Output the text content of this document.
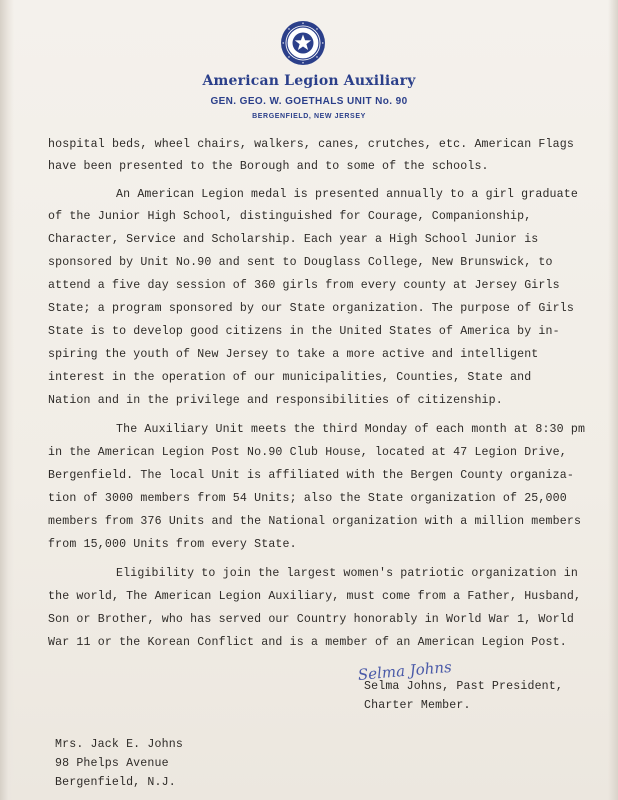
American Legion Auxiliary
GEN. GEO. W. GOETHALS UNIT No. 90
BERGENFIELD, NEW JERSEY
hospital beds, wheel chairs, walkers, canes, crutches, etc. American Flags
have been presented to the Borough and to some of the schools.
An American Legion medal is presented annually to a girl graduate
of the Junior High School, distinguished for Courage, Companionship,
Character, Service and Scholarship. Each year a High School Junior is
sponsored by Unit No.90 and sent to Douglass College, New Brunswick, to
attend a five day session of 360 girls from every county at Jersey Girls
State; a program sponsored by our State organization. The purpose of Girls
State is to develop good citizens in the United States of America by in-
spiring the youth of New Jersey to take a more active and intelligent
interest in the operation of our municipalities, Counties, State and
Nation and in the privilege and responsibilities of citizenship.
The Auxiliary Unit meets the third Monday of each month at 8:30 pm
in the American Legion Post No.90 Club House, located at 47 Legion Drive,
Bergenfield. The local Unit is affiliated with the Bergen County organiza-
tion of 3000 members from 54 Units; also the State organization of 25,000
members from 376 Units and the National organization with a million members
from 15,000 Units from every State.
Eligibility to join the largest women's patriotic organization in
the world, The American Legion Auxiliary, must come from a Father, Husband,
Son or Brother, who has served our Country honorably in World War 1, World
War 11 or the Korean Conflict and is a member of an American Legion Post.
Selma Johns
Selma Johns, Past President,
Charter Member.
Mrs. Jack E. Johns
98 Phelps Avenue
Bergenfield, N.J.
